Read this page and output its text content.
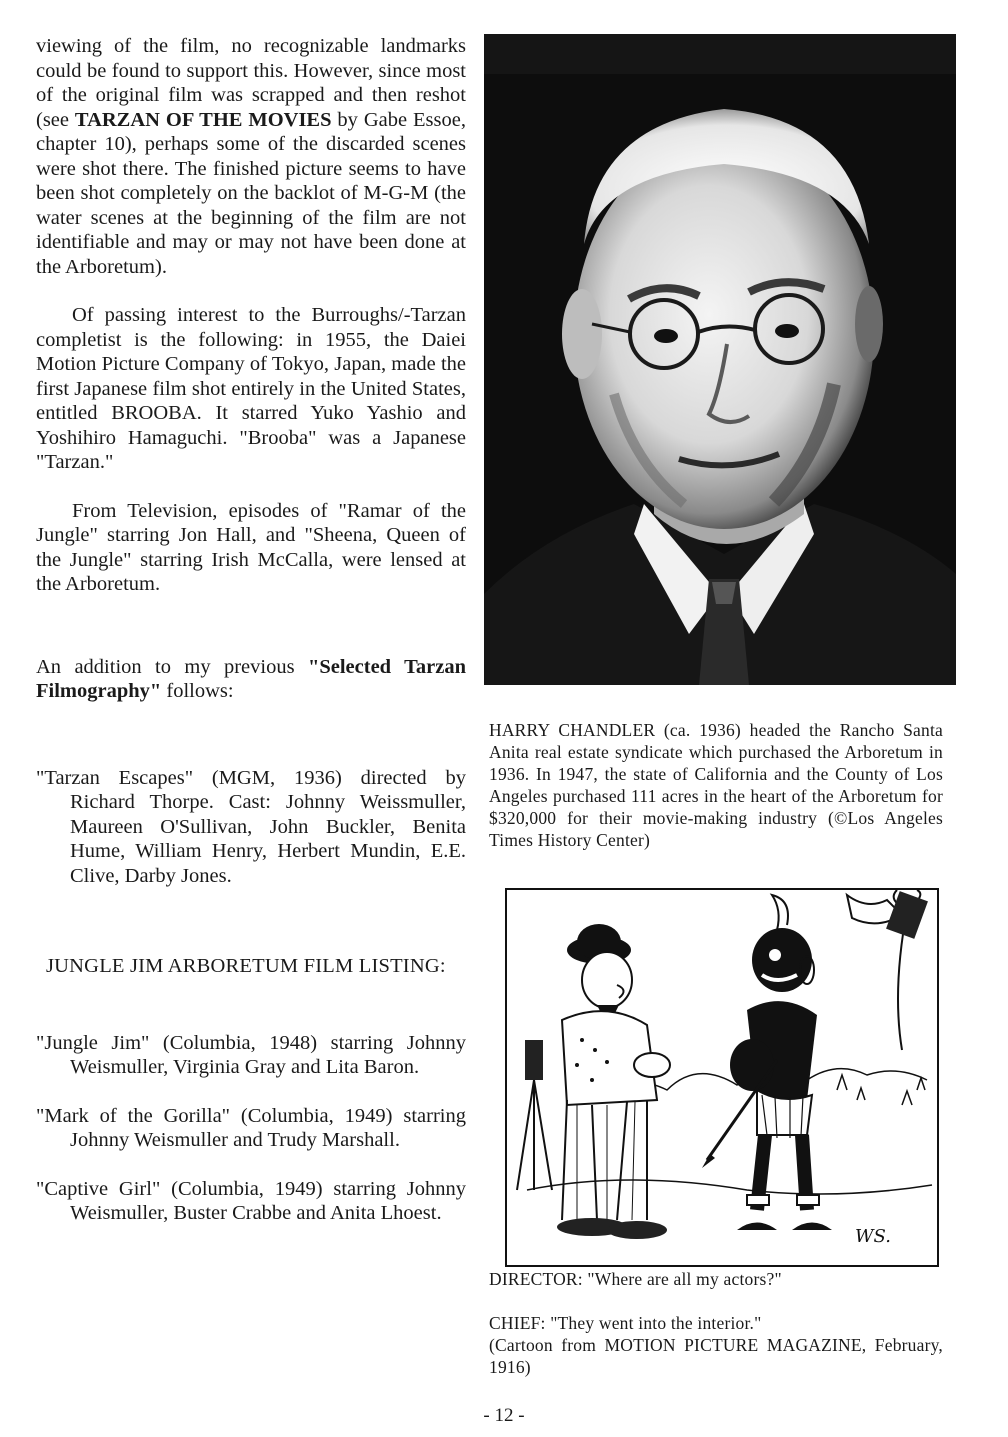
viewing of the film, no recognizable landmarks could be found to support this. However, since most of the original film was scrapped and then reshot (see TARZAN OF THE MOVIES by Gabe Essoe, chapter 10), perhaps some of the discarded scenes were shot there. The finished picture seems to have been shot completely on the backlot of M-G-M (the water scenes at the beginning of the film are not identifiable and may or may not have been done at the Arboretum).

Of passing interest to the Burroughs/-Tarzan completist is the following: in 1955, the Daiei Motion Picture Company of Tokyo, Japan, made the first Japanese film shot entirely in the United States, entitled BROOBA. It starred Yuko Yashio and Yoshihiro Hamaguchi. "Brooba" was a Japanese "Tarzan."

From Television, episodes of "Ramar of the Jungle" starring Jon Hall, and "Sheena, Queen of the Jungle" starring Irish McCalla, were lensed at the Arboretum.

An addition to my previous "Selected Tarzan Filmography" follows:

"Tarzan Escapes" (MGM, 1936) directed by Richard Thorpe. Cast: Johnny Weissmuller, Maureen O'Sullivan, John Buckler, Benita Hume, William Henry, Herbert Mundin, E.E. Clive, Darby Jones.

JUNGLE JIM ARBORETUM FILM LISTING:

"Jungle Jim" (Columbia, 1948) starring Johnny Weismuller, Virginia Gray and Lita Baron.

"Mark of the Gorilla" (Columbia, 1949) starring Johnny Weismuller and Trudy Marshall.

"Captive Girl" (Columbia, 1949) starring Johnny Weismuller, Buster Crabbe and Anita Lhoest.

HARRY CHANDLER (ca. 1936) headed the Rancho Santa Anita real estate syndicate which purchased the Arboretum in 1936. In 1947, the state of California and the County of Los Angeles purchased 111 acres in the heart of the Arboretum for $320,000 for their movie-making industry (©Los Angeles Times History Center)
WS.

DIRECTOR: "Where are all my actors?"

CHIEF: "They went into the interior."

(Cartoon from MOTION PICTURE MAGAZINE, February, 1916)

- 12 -
